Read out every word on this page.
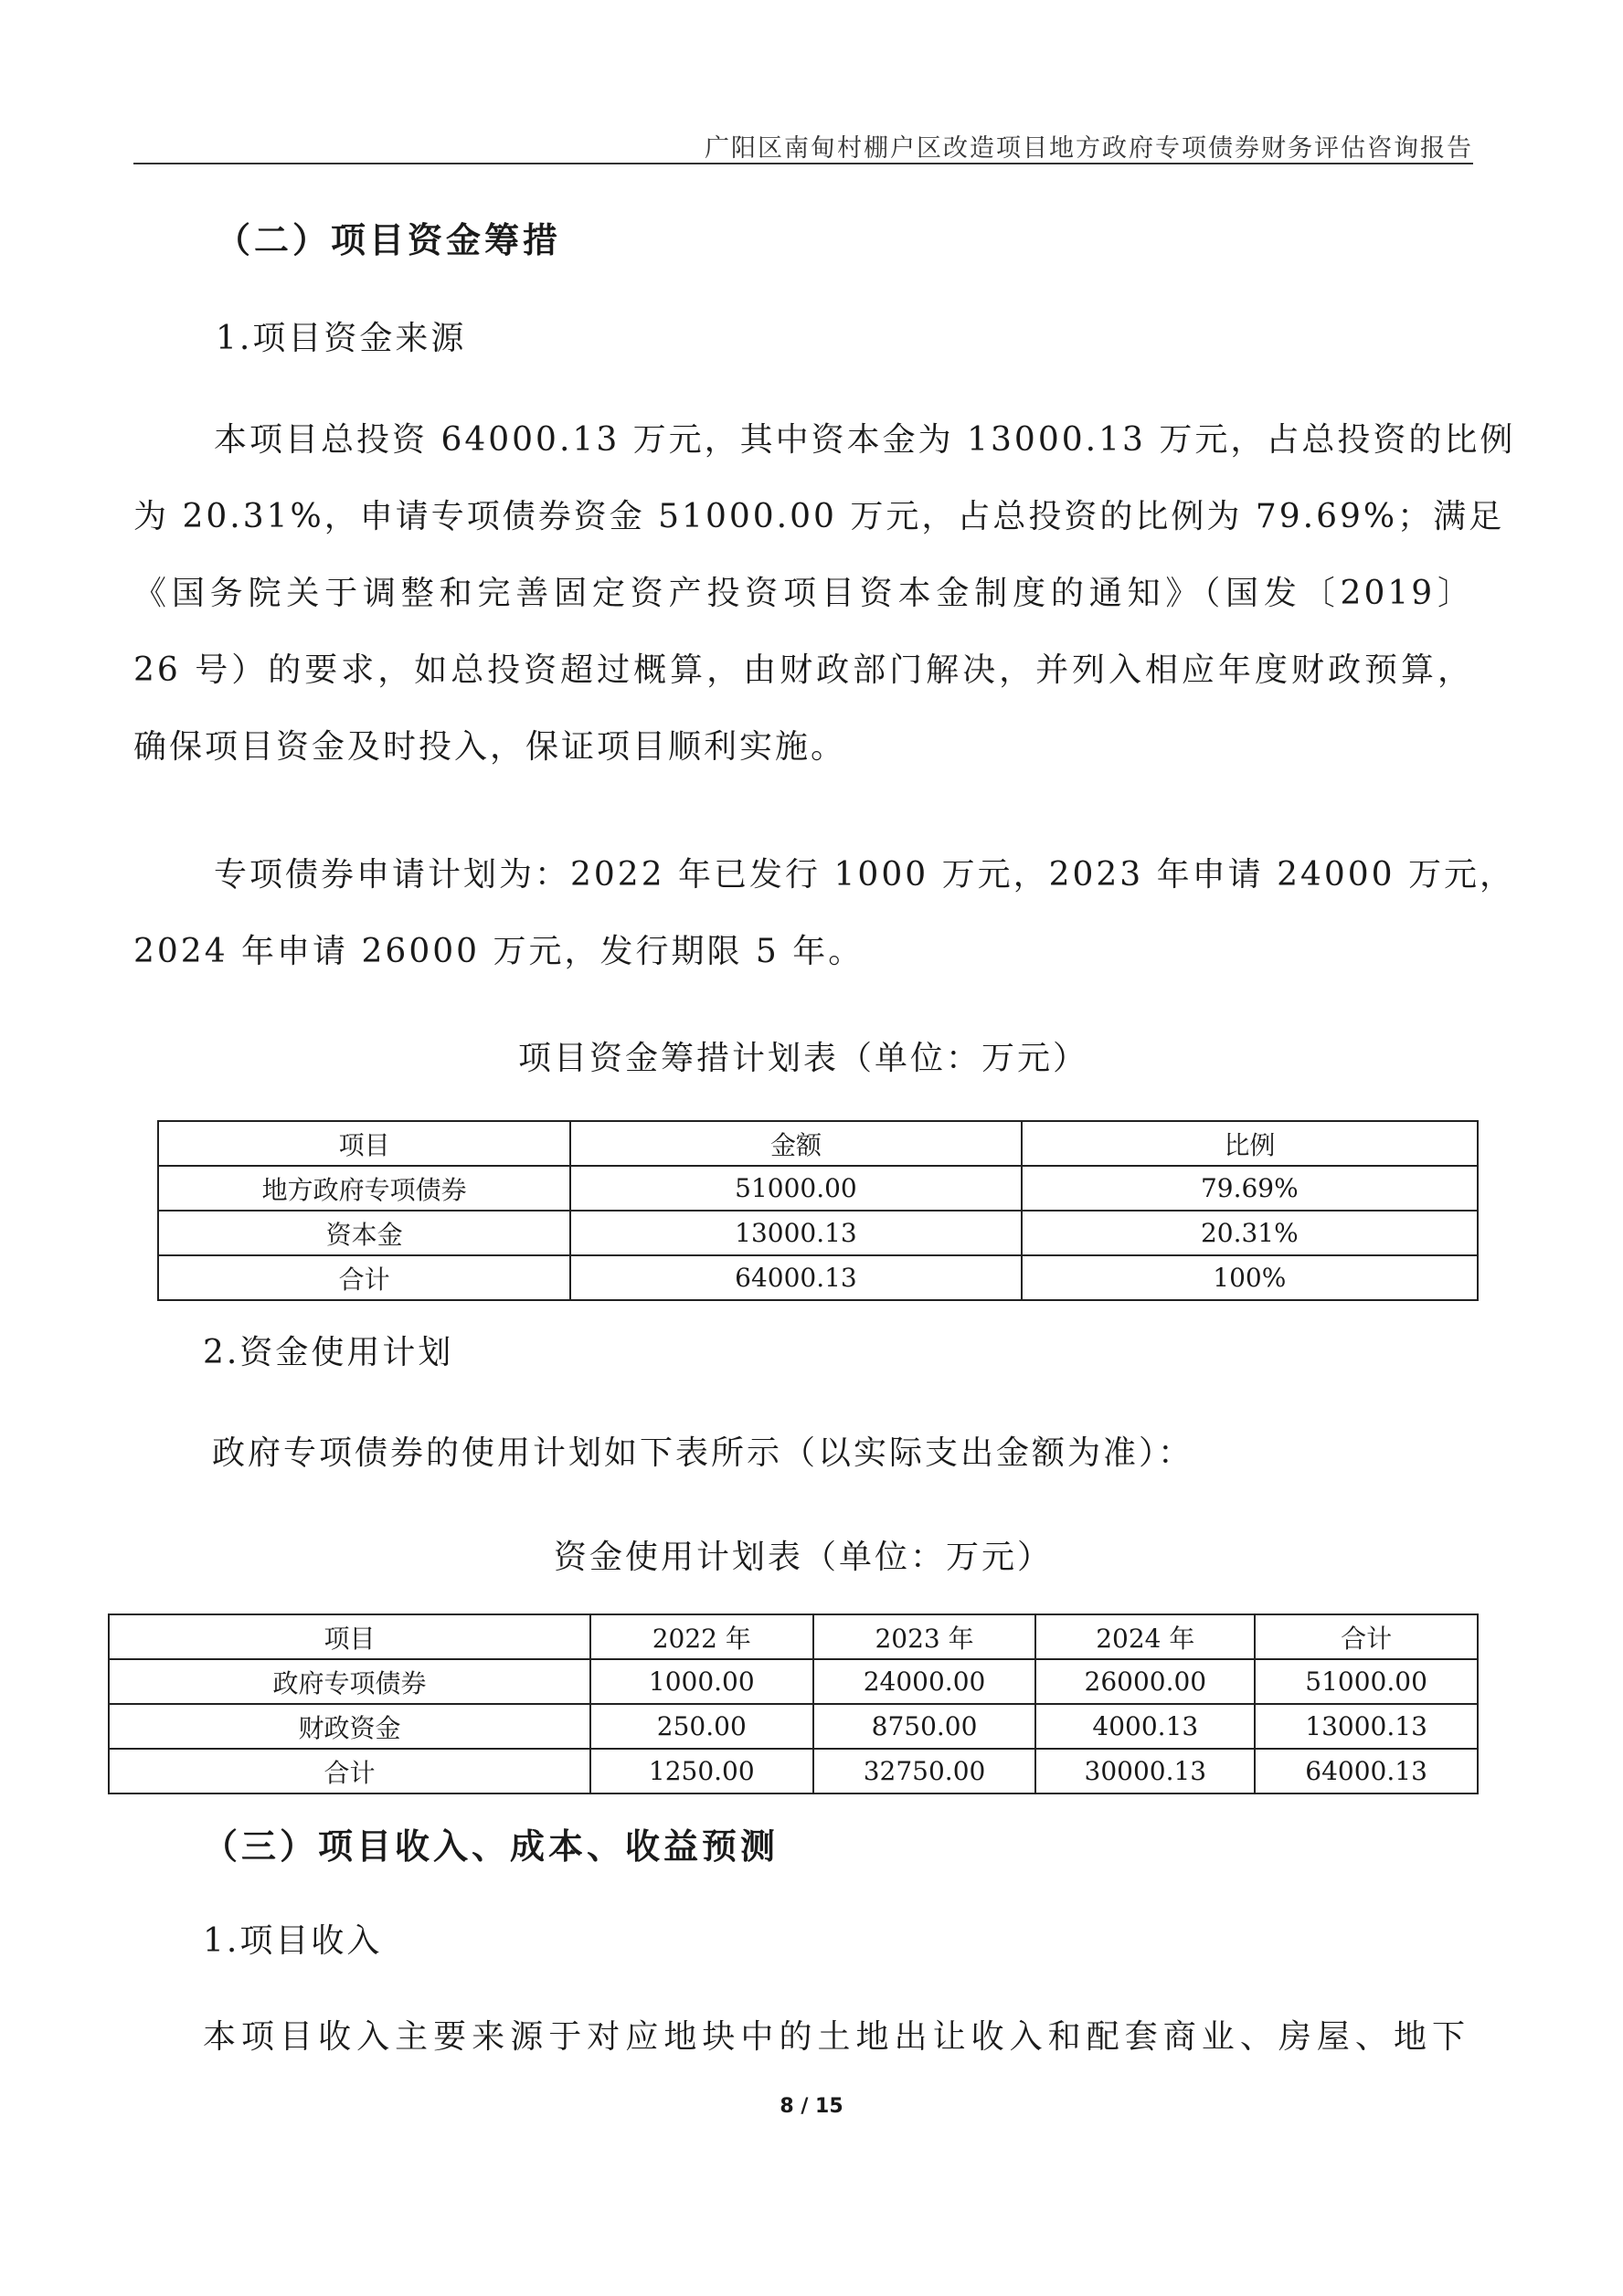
广阳区南甸村棚户区改造项目地方政府专项债券财务评估咨询报告
（二）项目资金筹措
1.项目资金来源
本项目总投资 64000.13 万元，其中资本金为 13000.13 万元，占总投资的比例
为 20.31%，申请专项债券资金 51000.00 万元，占总投资的比例为 79.69%；满足
《国务院关于调整和完善固定资产投资项目资本金制度的通知》（国发〔2019〕
26 号）的要求，如总投资超过概算，由财政部门解决，并列入相应年度财政预算，
确保项目资金及时投入，保证项目顺利实施。
专项债券申请计划为：2022 年已发行 1000 万元，2023 年申请 24000 万元，
2024 年申请 26000 万元，发行期限 5 年。
项目资金筹措计划表（单位：万元）
项目	金额	比例
地方政府专项债券	51000.00	79.69%
资本金	13000.13	20.31%
合计	64000.13	100%
2.资金使用计划
政府专项债券的使用计划如下表所示（以实际支出金额为准）：
资金使用计划表（单位：万元）
项目	2022 年	2023 年	2024 年	合计
政府专项债券	1000.00	24000.00	26000.00	51000.00
财政资金	250.00	8750.00	4000.13	13000.13
合计	1250.00	32750.00	30000.13	64000.13
（三）项目收入、成本、收益预测
1.项目收入
本项目收入主要来源于对应地块中的土地出让收入和配套商业、房屋、地下
8 / 15
